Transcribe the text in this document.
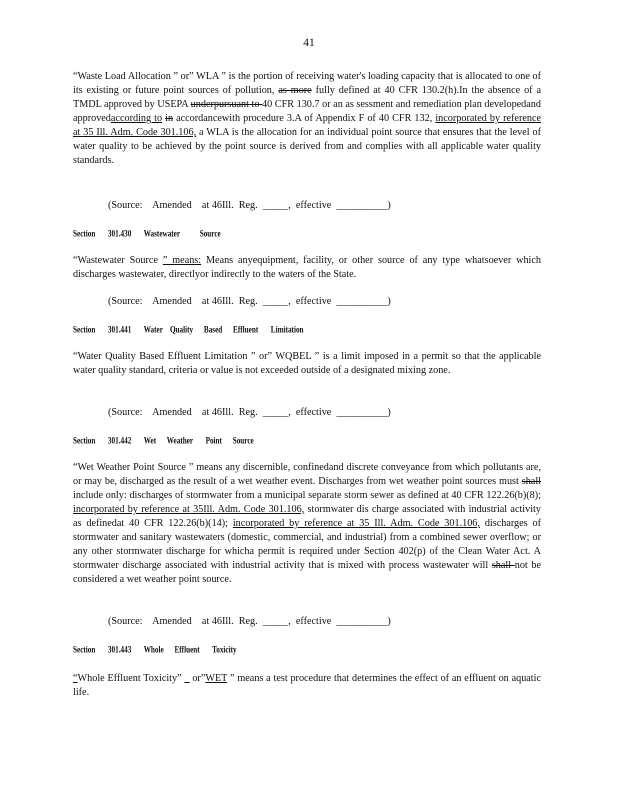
41
“Waste Load Allocation ” or” WLA ” is the portion of receiving water's loading capacity that is allocated to one of its existing or future point sources of pollution, as more fully defined at 40 CFR 130.2(h).In the absence of a TMDL approved by USEPA underpursuant to 40 CFR 130.7 or an as sessment and remediation plan developedand approvedaccording to in accordancewith procedure 3.A of Appendix F of 40 CFR 132, incorporated by reference at 35 Ill. Adm. Code 301.106, a WLA is the allocation for an individual point source that ensures that the level of water quality to be achieved by the point source is derived from and complies with all applicable water quality standards.
(Source:    Amended    at 46Ill.  Reg.  _____,  effective  __________)
Section       301.430       Wastewater           Source
“Wastewater Source ” means: Means anyequipment, facility, or other source of any type whatsoever which discharges wastewater, directlyor indirectly to the waters of the State.
(Source:    Amended    at 46Ill.  Reg.  _____,  effective  __________)
Section       301.441       Water    Quality      Based      Effluent       Limitation
“Water Quality Based Effluent Limitation ” or” WQBEL ” is a limit imposed in a permit so that the applicable water quality standard, criteria or value is not exceeded outside of a designated mixing zone.
(Source:    Amended    at 46Ill.  Reg.  _____,  effective  __________)
Section       301.442       Wet      Weather       Point      Source
“Wet Weather Point Source ” means any discernible, confinedand discrete conveyance from which pollutants are, or may be, discharged as the result of a wet weather event. Discharges from wet weather point sources must shall include only: discharges of stormwater from a municipal separate storm sewer as defined at 40 CFR 122.26(b)(8); incorporated by reference at 35Ill. Adm. Code 301.106, stormwater dis charge associated with industrial activity as definedat 40 CFR 122.26(b)(14); incorporated by reference at 35 Ill. Adm. Code 301.106, discharges of stormwater and sanitary wastewaters (domestic, commercial, and industrial) from a combined sewer overflow; or any other stormwater discharge for whicha permit is required under Section 402(p) of the Clean Water Act. A stormwater discharge associated with industrial activity that is mixed with process wastewater will shall not be considered a wet weather point source.
(Source:    Amended    at 46Ill.  Reg.  _____,  effective  __________)
Section       301.443       Whole      Effluent       Toxicity
“Whole Effluent Toxicity” _ or”WET ” means a test procedure that determines the effect of an effluent on aquatic life.
